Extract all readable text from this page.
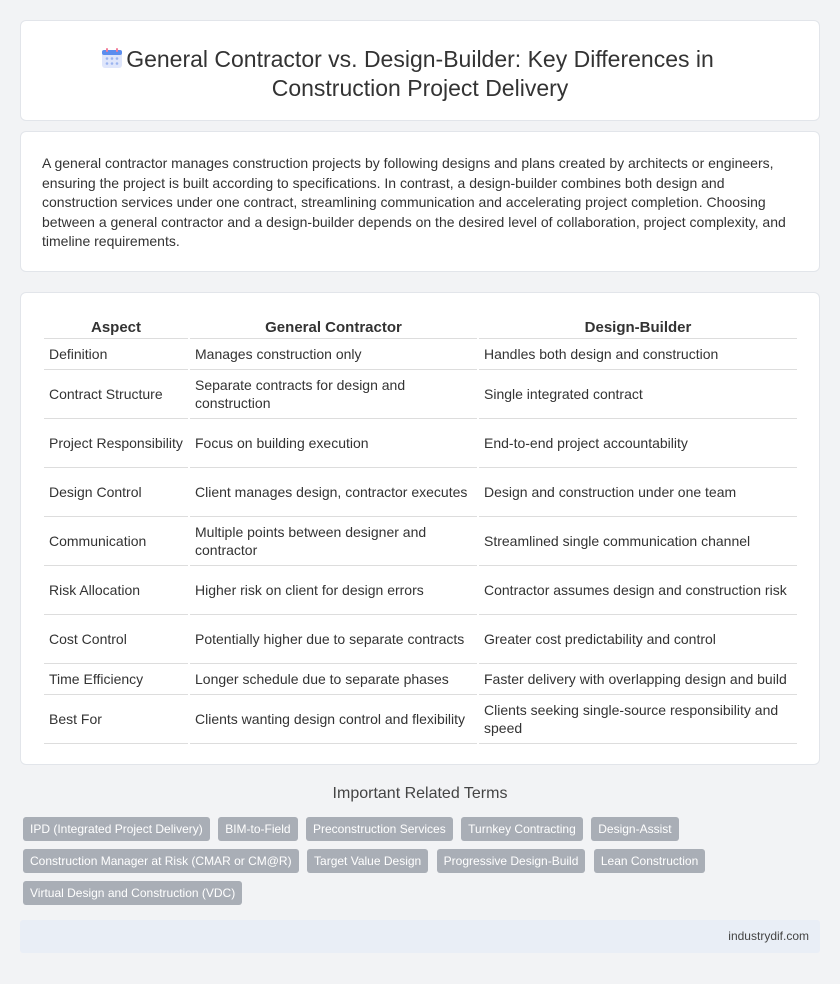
General Contractor vs. Design-Builder: Key Differences in Construction Project Delivery

A general contractor manages construction projects by following designs and plans created by architects or engineers, ensuring the project is built according to specifications. In contrast, a design-builder combines both design and construction services under one contract, streamlining communication and accelerating project completion. Choosing between a general contractor and a design-builder depends on the desired level of collaboration, project complexity, and timeline requirements.

Aspect	General Contractor	Design-Builder
Definition	Manages construction only	Handles both design and construction
Contract Structure	Separate contracts for design and construction	Single integrated contract
Project Responsibility	Focus on building execution	End-to-end project accountability
Design Control	Client manages design, contractor executes	Design and construction under one team
Communication	Multiple points between designer and contractor	Streamlined single communication channel
Risk Allocation	Higher risk on client for design errors	Contractor assumes design and construction risk
Cost Control	Potentially higher due to separate contracts	Greater cost predictability and control
Time Efficiency	Longer schedule due to separate phases	Faster delivery with overlapping design and build
Best For	Clients wanting design control and flexibility	Clients seeking single-source responsibility and speed
Important Related Terms
IPD (Integrated Project Delivery) BIM-to-Field Preconstruction Services Turnkey Contracting Design-Assist Construction Manager at Risk (CMAR or CM@R) Target Value Design Progressive Design-Build Lean Construction Virtual Design and Construction (VDC)
industrydif.com
